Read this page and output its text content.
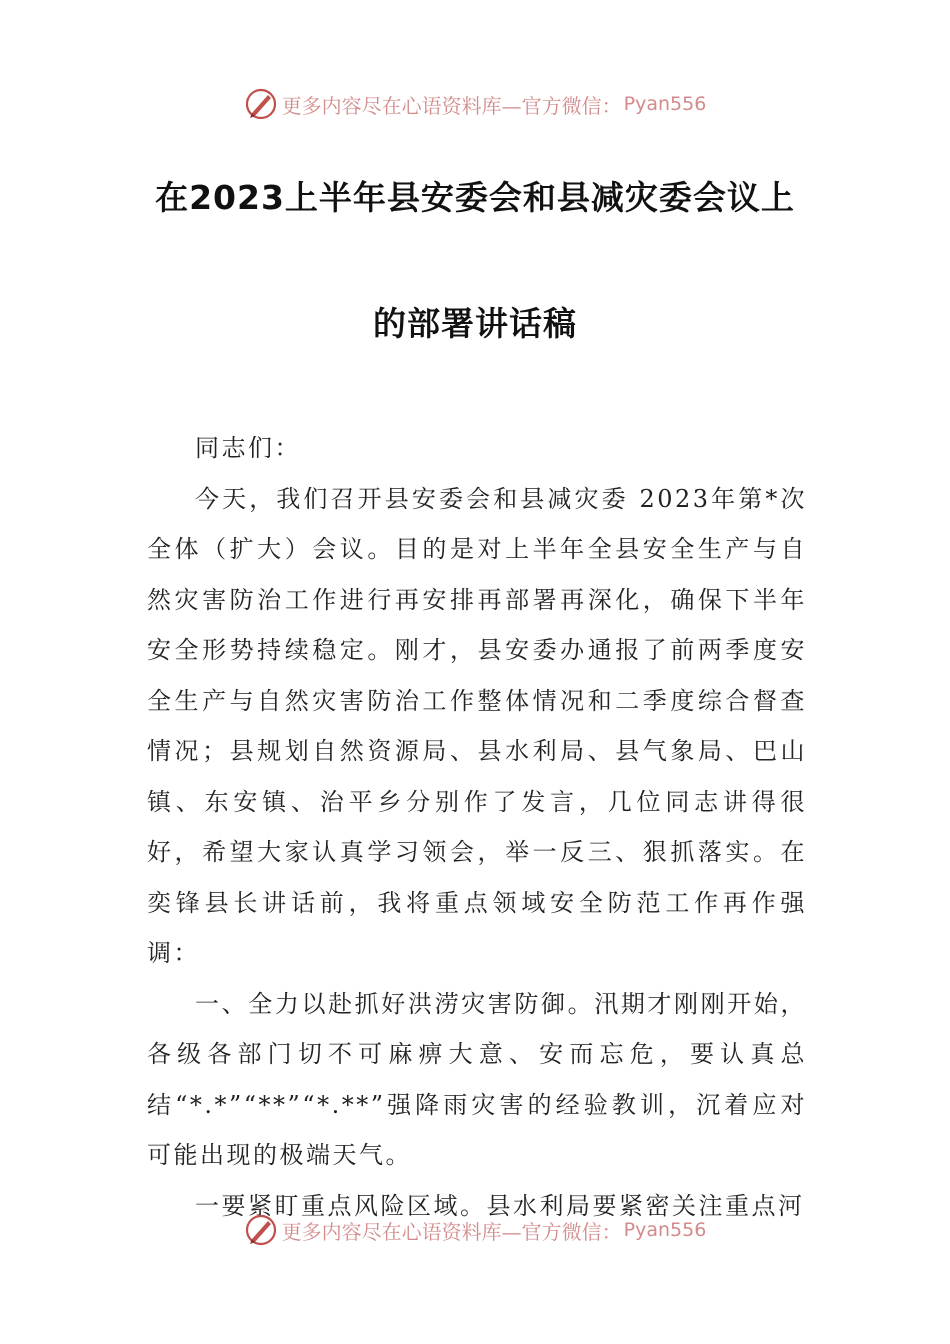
更多内容尽在心语资料库—官方微信： Pyan556
在2023上半年县安委会和县减灾委会议上
的部署讲话稿

同志们：

今天，我们召开县安委会和县减灾委 2023年第*次全体（扩大）会议。目的是对上半年全县安全生产与自然灾害防治工作进行再安排再部署再深化，确保下半年安全形势持续稳定。刚才，县安委办通报了前两季度安全生产与自然灾害防治工作整体情况和二季度综合督查情况；县规划自然资源局、县水利局、县气象局、巴山镇、东安镇、治平乡分别作了发言，几位同志讲得很好，希望大家认真学习领会，举一反三、狠抓落实。在奕锋县长讲话前，我将重点领域安全防范工作再作强调：

一、全力以赴抓好洪涝灾害防御。汛期才刚刚开始，各级各部门切不可麻痹大意、安而忘危，要认真总结“*.*”“**”“*.**”强降雨灾害的经验教训，沉着应对可能出现的极端天气。

一要紧盯重点风险区域。县水利局要紧密关注重点河

更多内容尽在心语资料库—官方微信： Pyan556
